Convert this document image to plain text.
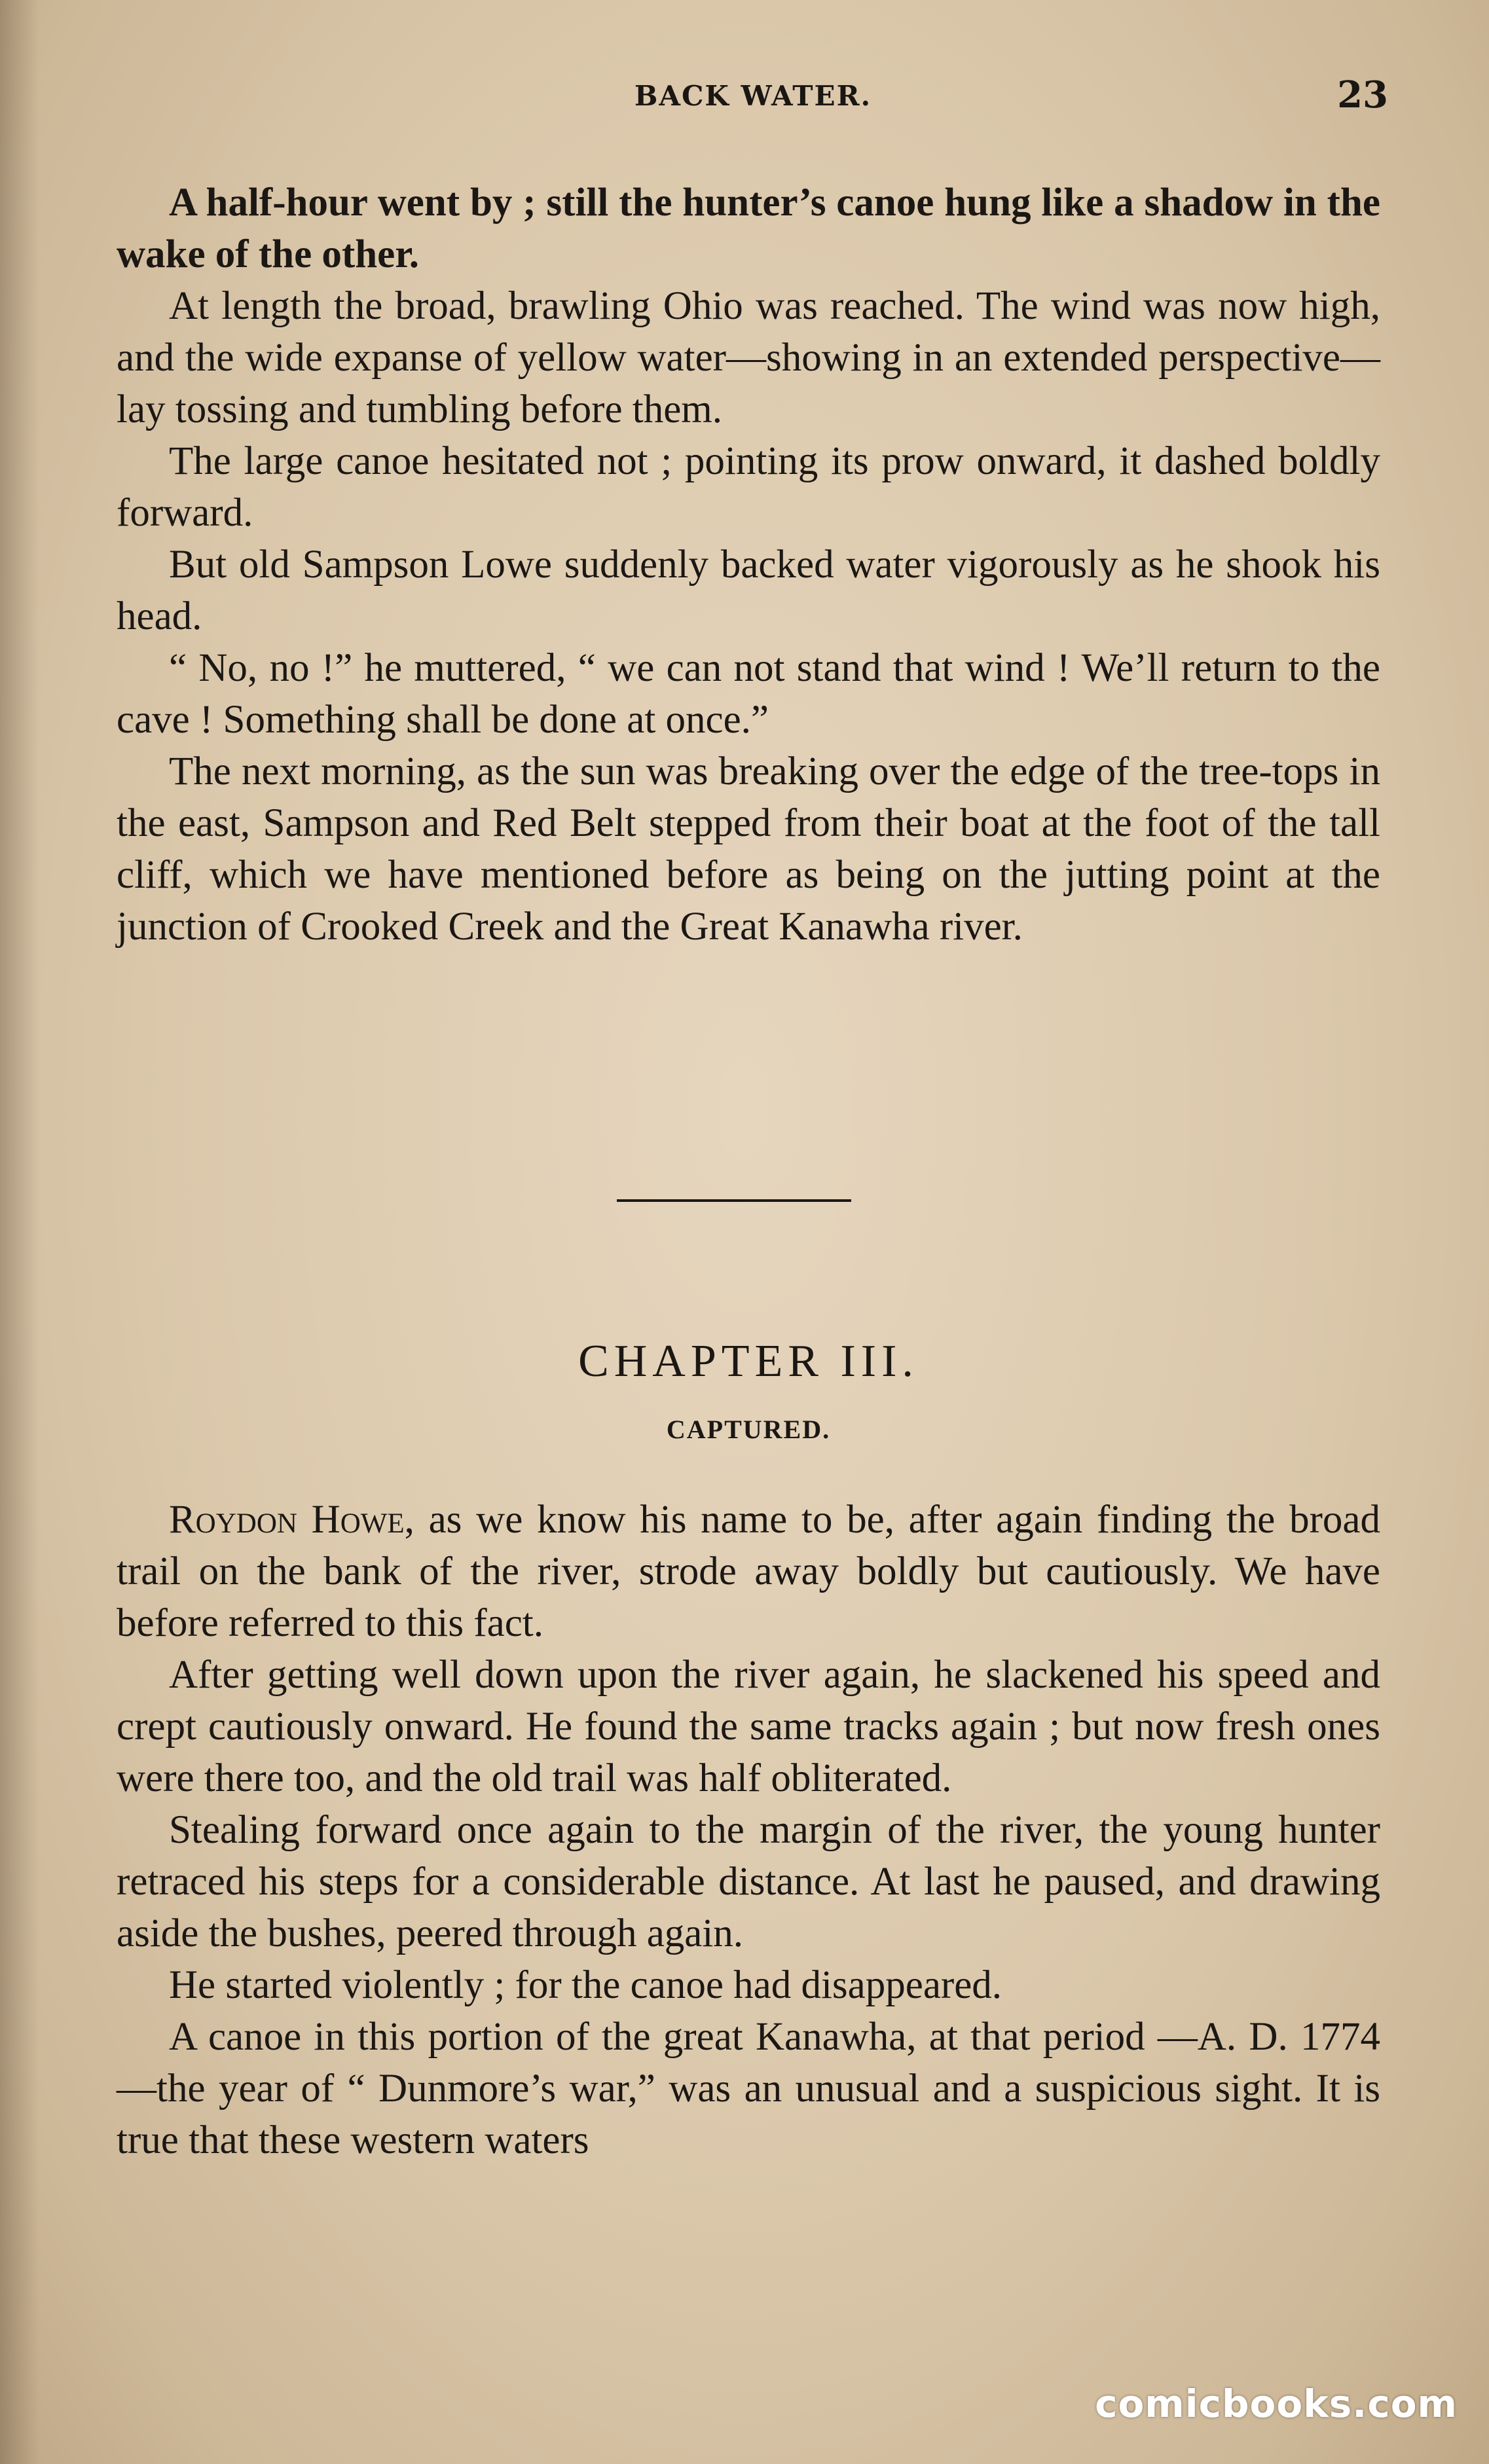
BACK WATER.	23

A half-hour went by ; still the hunter’s canoe hung like a shadow in the wake of the other.

At length the broad, brawling Ohio was reached. The wind was now high, and the wide expanse of yellow water—showing in an extended perspective—lay tossing and tumbling before them.

The large canoe hesitated not ; pointing its prow onward, it dashed boldly forward.

But old Sampson Lowe suddenly backed water vigorously as he shook his head.

“ No, no !” he muttered, “ we can not stand that wind ! We’ll return to the cave ! Something shall be done at once.”

The next morning, as the sun was breaking over the edge of the tree-tops in the east, Sampson and Red Belt stepped from their boat at the foot of the tall cliff, which we have mentioned before as being on the jutting point at the junction of Crooked Creek and the Great Kanawha river.

CHAPTER III.
CAPTURED.

Roydon Howe, as we know his name to be, after again finding the broad trail on the bank of the river, strode away boldly but cautiously. We have before referred to this fact.

After getting well down upon the river again, he slackened his speed and crept cautiously onward. He found the same tracks again ; but now fresh ones were there too, and the old trail was half obliterated.

Stealing forward once again to the margin of the river, the young hunter retraced his steps for a considerable distance. At last he paused, and drawing aside the bushes, peered through again.

He started violently ; for the canoe had disappeared.

A canoe in this portion of the great Kanawha, at that period —A. D. 1774—the year of “ Dunmore’s war,” was an unusual and a suspicious sight. It is true that these western waters

comicbooks.com
